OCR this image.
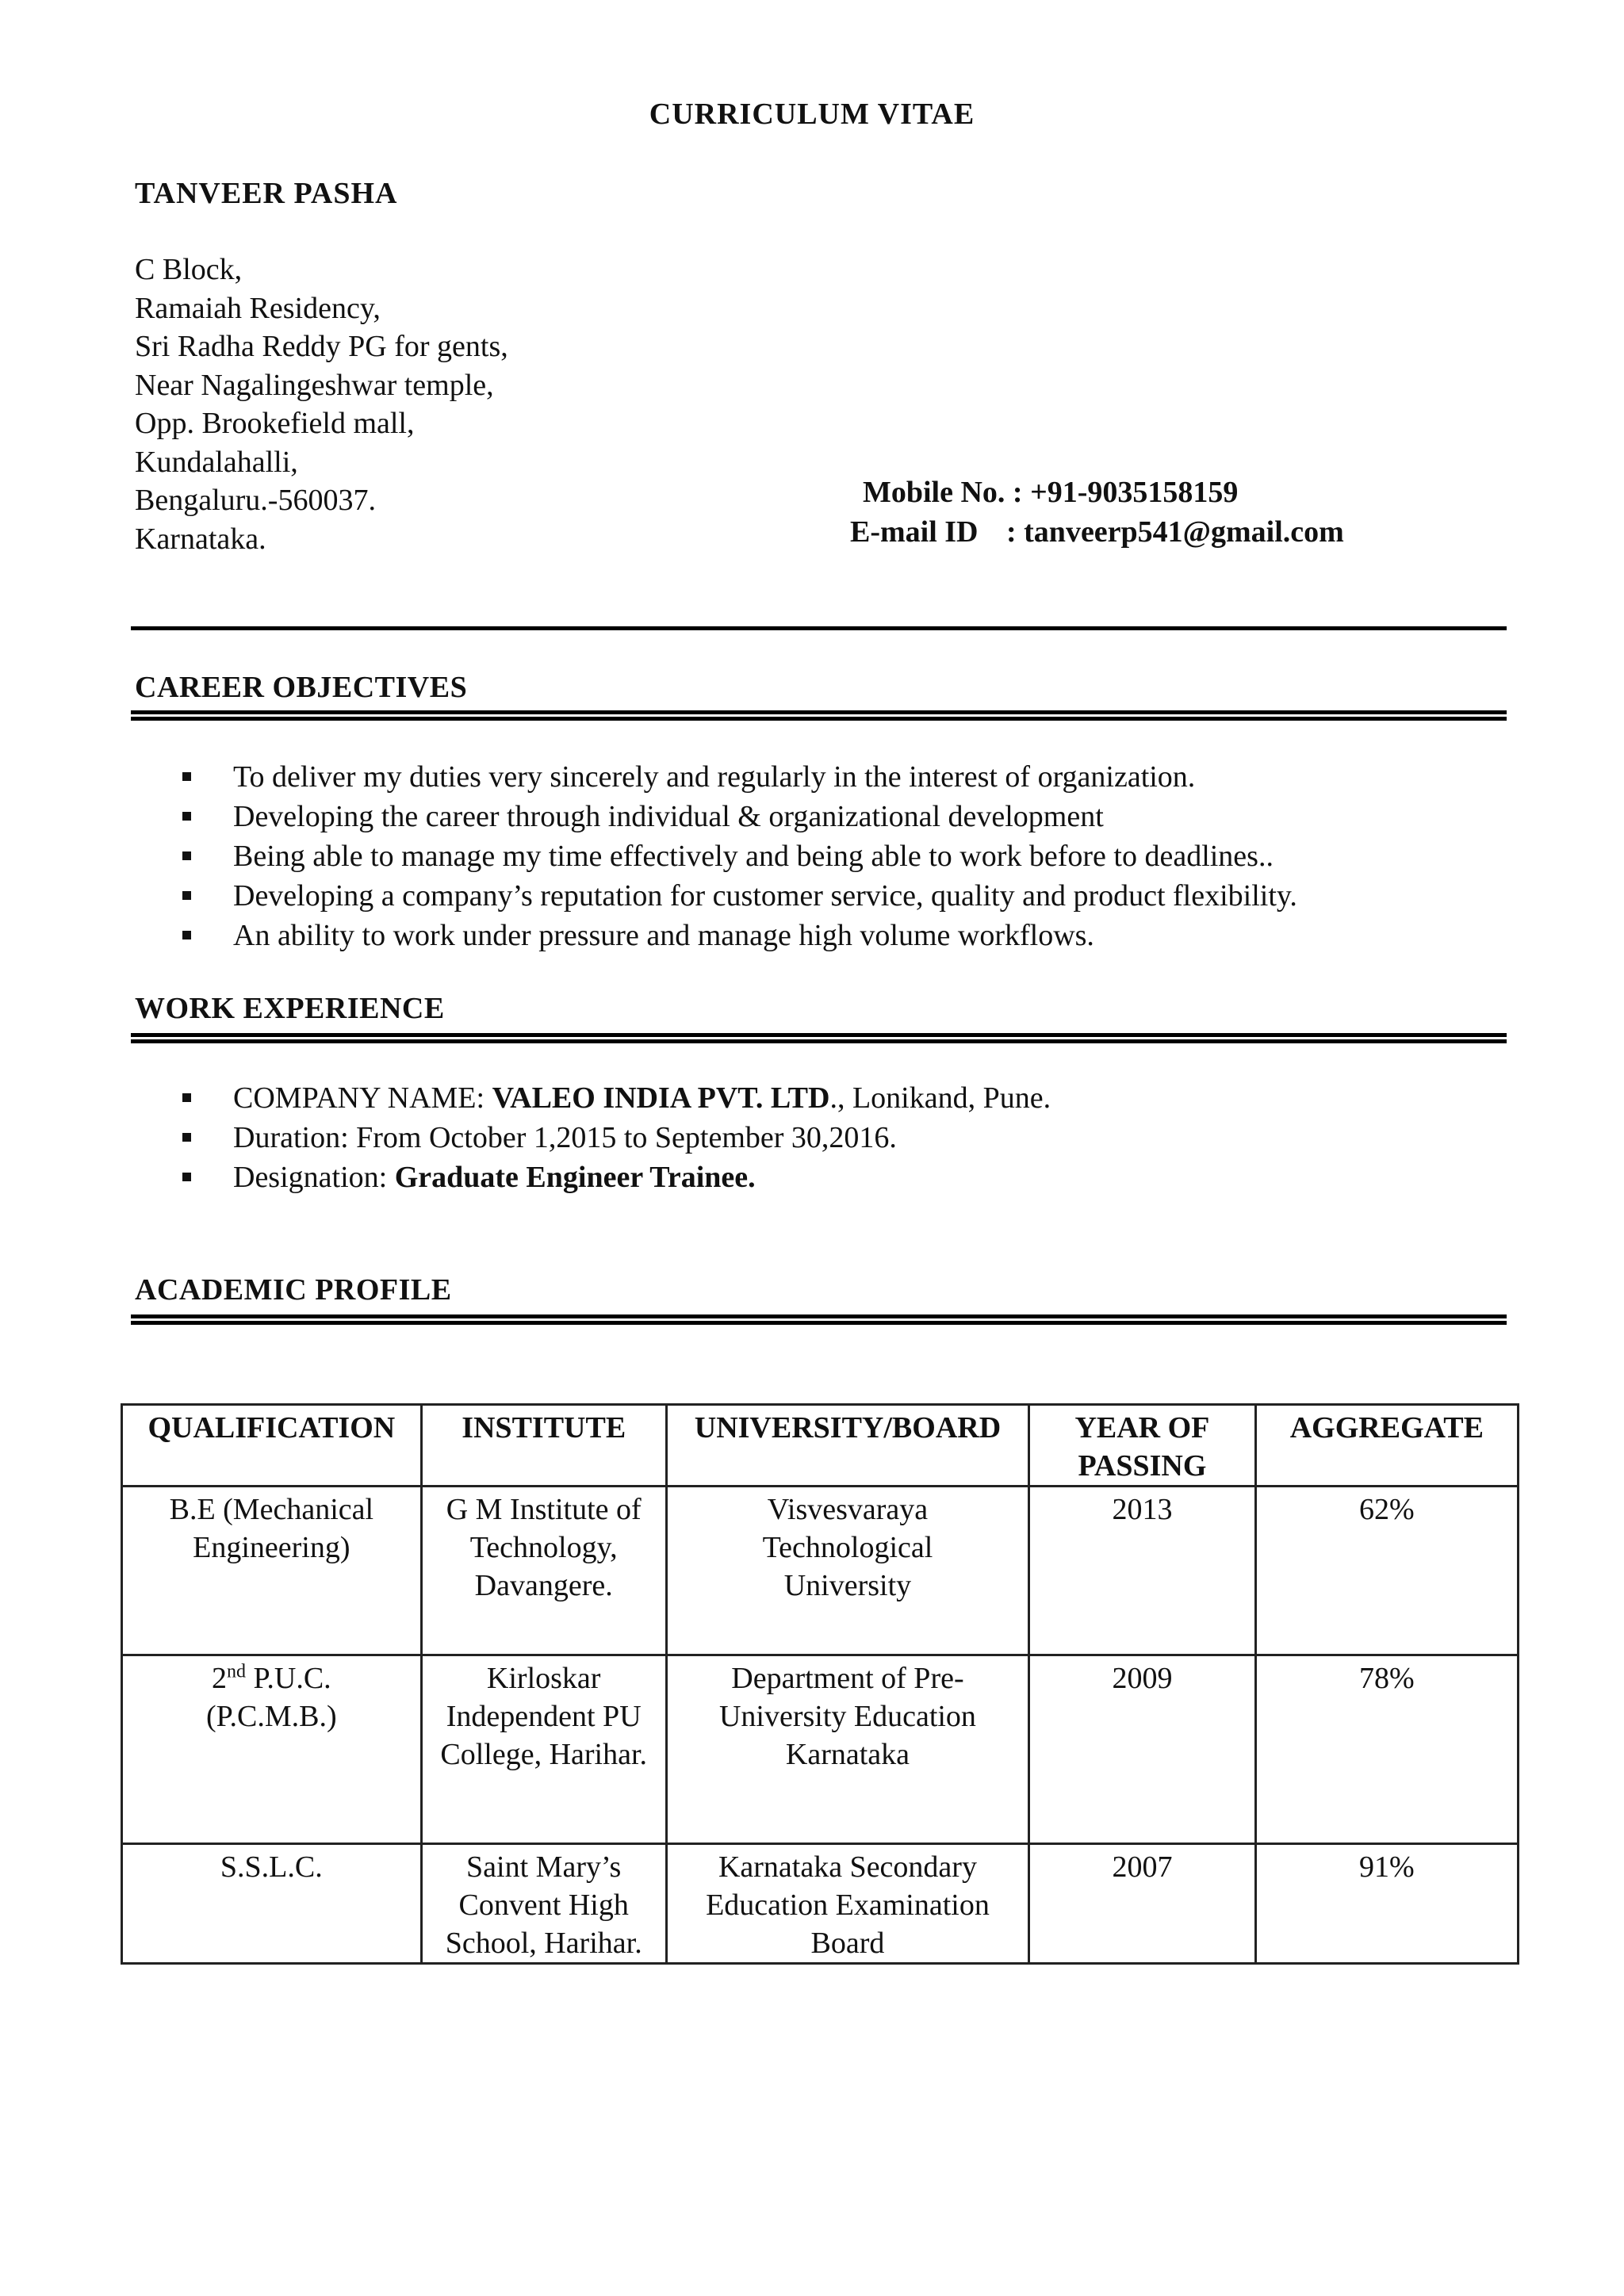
CURRICULUM VITAE
TANVEER PASHA
C Block,
Ramaiah Residency,
Sri Radha Reddy PG for gents,
Near Nagalingeshwar temple,
Opp. Brookefield mall,
Kundalahalli,
Bengaluru.-560037.
Karnataka.
Mobile No. : +91-9035158159
E-mail ID : tanveerp541@gmail.com
CAREER OBJECTIVES
To deliver my duties very sincerely and regularly in the interest of organization.
Developing the career through individual & organizational development
Being able to manage my time effectively and being able to work before to deadlines..
Developing a company’s reputation for customer service, quality and product flexibility.
An ability to work under pressure and manage high volume workflows.
WORK EXPERIENCE
COMPANY NAME: VALEO INDIA PVT. LTD., Lonikand, Pune.
Duration: From October 1,2015 to September 30,2016.
Designation: Graduate Engineer Trainee.
ACADEMIC PROFILE
QUALIFICATION	INSTITUTE	UNIVERSITY/BOARD	YEAR OF PASSING	AGGREGATE
B.E (Mechanical Engineering)	G M Institute of Technology, Davangere.	Visvesvaraya Technological University	2013	62%
2nd P.U.C. (P.C.M.B.)	Kirloskar Independent PU College, Harihar.	Department of Pre-University Education Karnataka	2009	78%
S.S.L.C.	Saint Mary’s Convent High School, Harihar.	Karnataka Secondary Education Examination Board	2007	91%
